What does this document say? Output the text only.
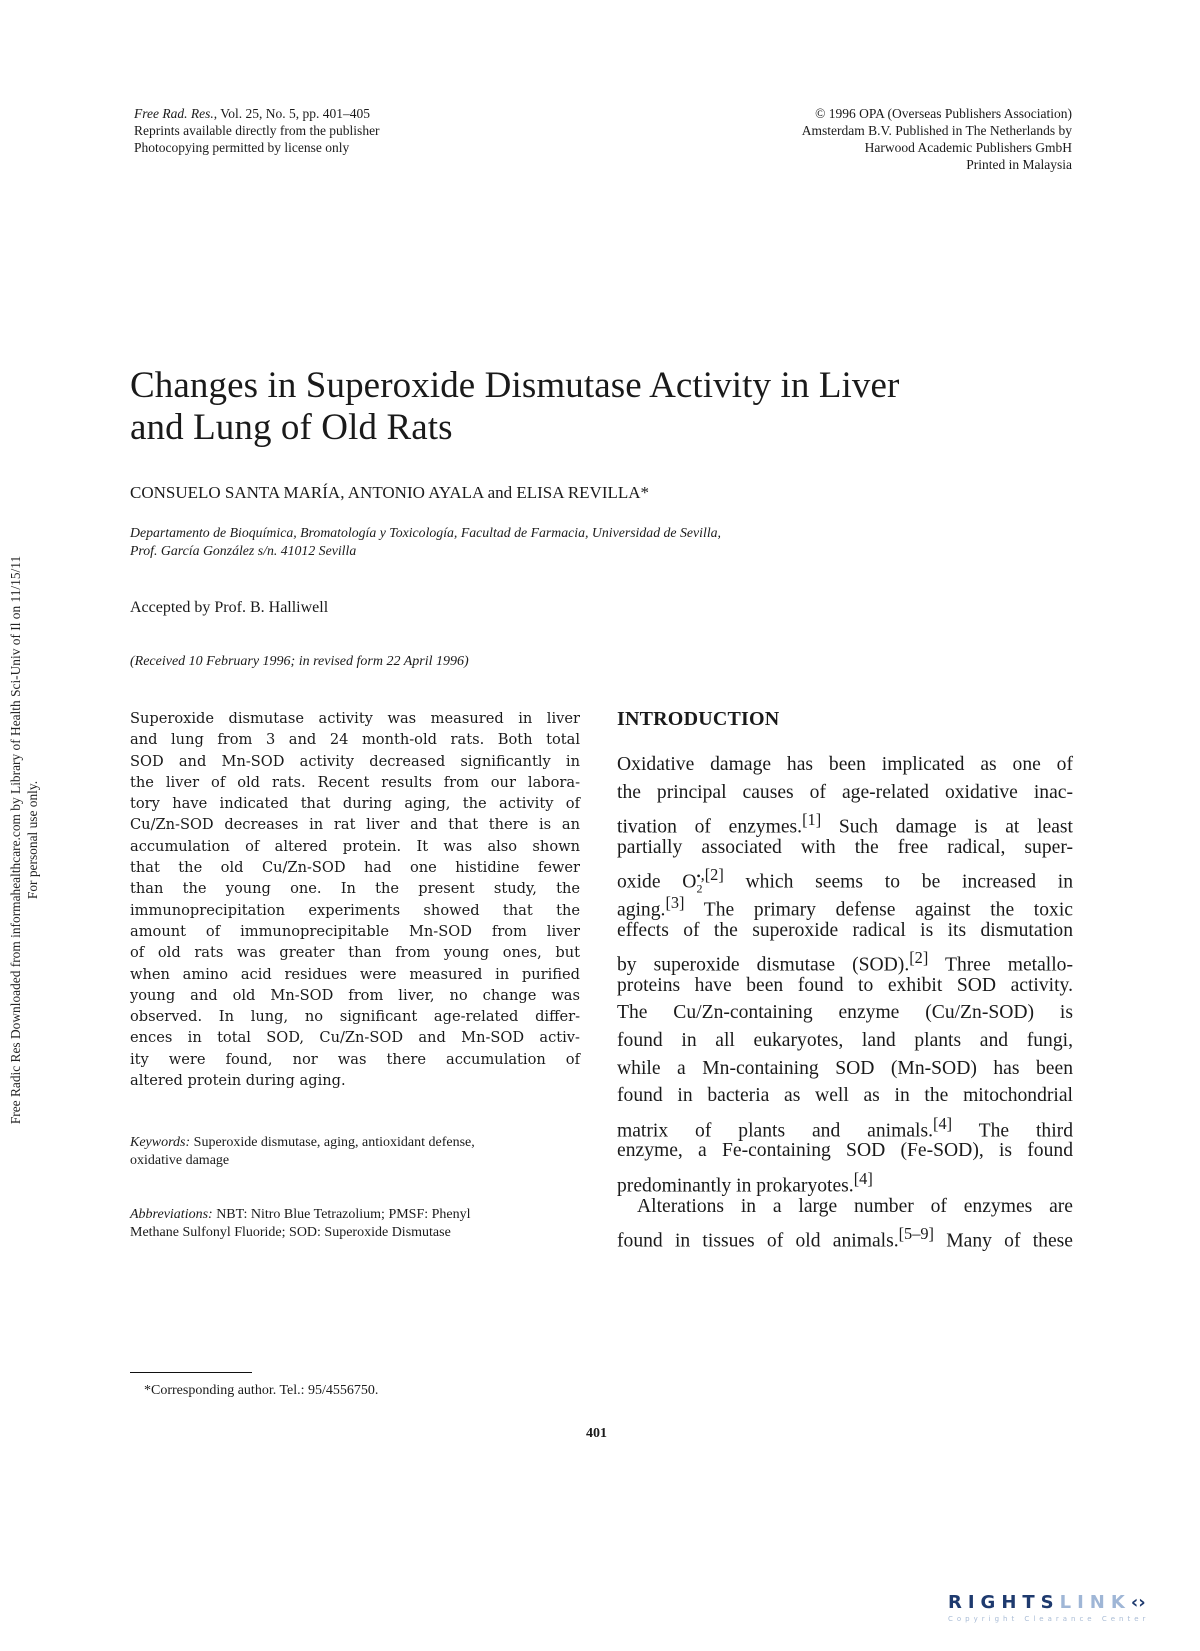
Free Radic Res Downloaded from informahealthcare.com by Library of Health Sci-Univ of Il on 11/15/11 For personal use only.
Free Rad. Res., Vol. 25, No. 5, pp. 401–405
Reprints available directly from the publisher
Photocopying permitted by license only
© 1996 OPA (Overseas Publishers Association)
Amsterdam B.V. Published in The Netherlands by
Harwood Academic Publishers GmbH
Printed in Malaysia
Changes in Superoxide Dismutase Activity in Liver
and Lung of Old Rats
CONSUELO SANTA MARÍA, ANTONIO AYALA and ELISA REVILLA*
Departamento de Bioquímica, Bromatología y Toxicología, Facultad de Farmacia, Universidad de Sevilla,
Prof. García González s/n. 41012 Sevilla
Accepted by Prof. B. Halliwell
(Received 10 February 1996; in revised form 22 April 1996)
Superoxide dismutase activity was measured in liver
and lung from 3 and 24 month-old rats. Both total
SOD and Mn-SOD activity decreased significantly in
the liver of old rats. Recent results from our labora-
tory have indicated that during aging, the activity of
Cu/Zn-SOD decreases in rat liver and that there is an
accumulation of altered protein. It was also shown
that the old Cu/Zn-SOD had one histidine fewer
than the young one. In the present study, the
immunoprecipitation experiments showed that the
amount of immunoprecipitable Mn-SOD from liver
of old rats was greater than from young ones, but
when amino acid residues were measured in purified
young and old Mn-SOD from liver, no change was
observed. In lung, no significant age-related differ-
ences in total SOD, Cu/Zn-SOD and Mn-SOD activ-
ity were found, nor was there accumulation of
altered protein during aging.
Keywords: Superoxide dismutase, aging, antioxidant defense,
oxidative damage
Abbreviations: NBT: Nitro Blue Tetrazolium; PMSF: Phenyl
Methane Sulfonyl Fluoride; SOD: Superoxide Dismutase
INTRODUCTION
Oxidative damage has been implicated as one of
the principal causes of age-related oxidative inac-
tivation of enzymes.[1] Such damage is at least
partially associated with the free radical, super-
oxide $O_2^{•,[2]}$ which seems to be increased in
aging.[3] The primary defense against the toxic
effects of the superoxide radical is its dismutation
by superoxide dismutase (SOD).[2] Three metallo-
proteins have been found to exhibit SOD activity.
The Cu/Zn-containing enzyme (Cu/Zn-SOD) is
found in all eukaryotes, land plants and fungi,
while a Mn-containing SOD (Mn-SOD) has been
found in bacteria as well as in the mitochondrial
matrix of plants and animals.[4] The third
enzyme, a Fe-containing SOD (Fe-SOD), is found
predominantly in prokaryotes.[4]
Alterations in a large number of enzymes are
found in tissues of old animals.[5–9] Many of these
*Corresponding author. Tel.: 95/4556750.
401
RIGHTSLINK‹›
Copyright Clearance Center
